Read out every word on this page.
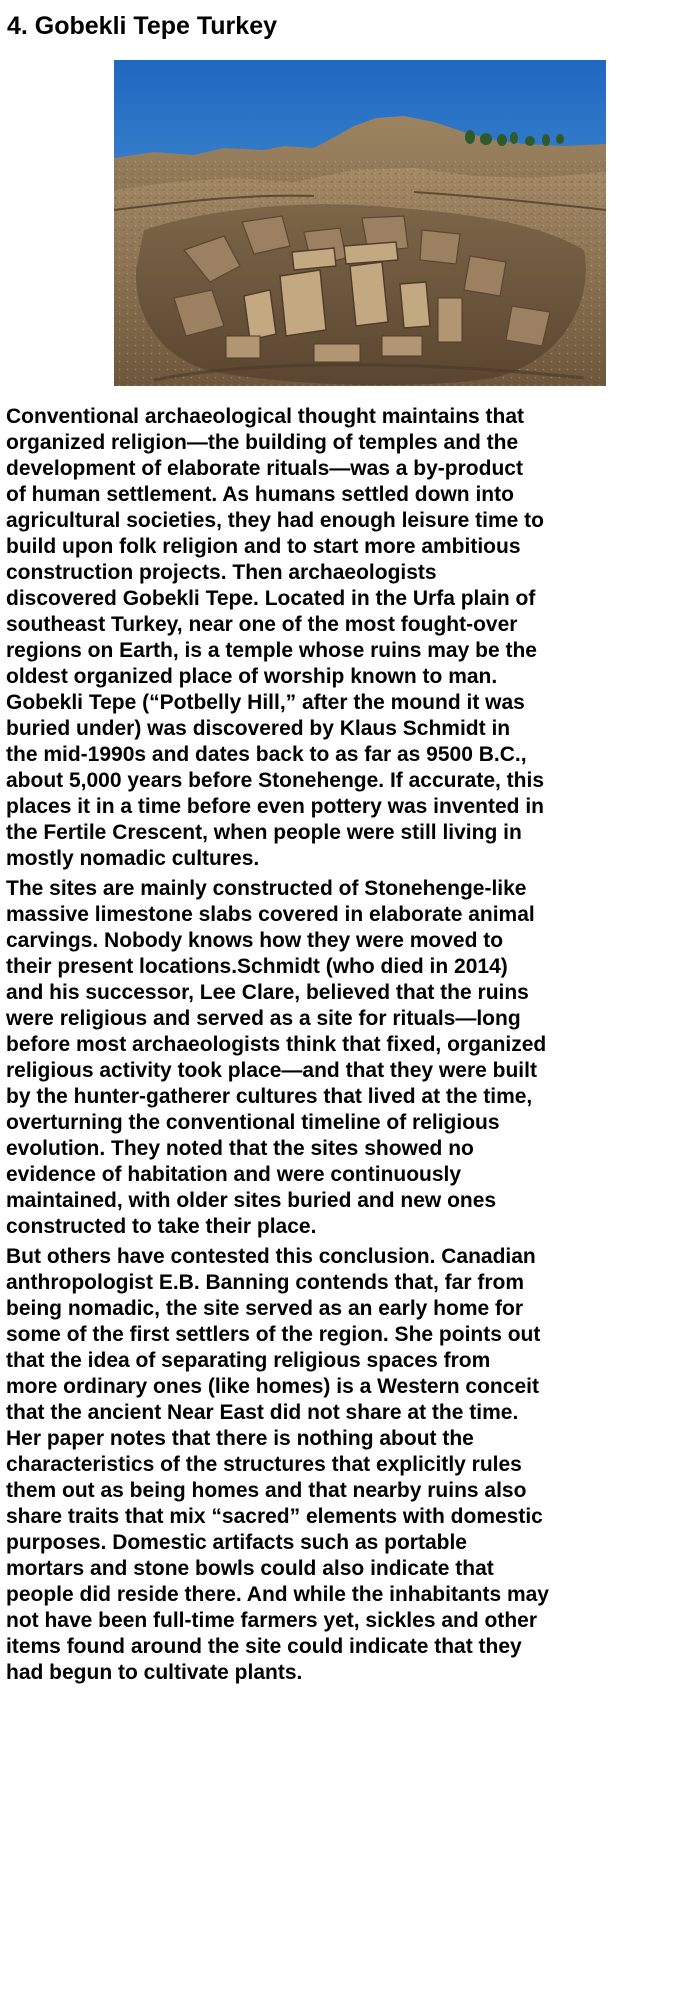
4. Gobekli Tepe Turkey

Conventional archaeological thought maintains that
organized religion—the building of temples and the
development of elaborate rituals—was a by-product
of human settlement. As humans settled down into
agricultural societies, they had enough leisure time to
build upon folk religion and to start more ambitious
construction projects. Then archaeologists
discovered Gobekli Tepe. Located in the Urfa plain of
southeast Turkey, near one of the most fought-over
regions on Earth, is a temple whose ruins may be the
oldest organized place of worship known to man.
Gobekli Tepe (“Potbelly Hill,” after the mound it was
buried under) was discovered by Klaus Schmidt in
the mid-1990s and dates back to as far as 9500 B.C.,
about 5,000 years before Stonehenge. If accurate, this
places it in a time before even pottery was invented in
the Fertile Crescent, when people were still living in
mostly nomadic cultures.

The sites are mainly constructed of Stonehenge-like
massive limestone slabs covered in elaborate animal
carvings. Nobody knows how they were moved to
their present locations.Schmidt (who died in 2014)
and his successor, Lee Clare, believed that the ruins
were religious and served as a site for rituals—long
before most archaeologists think that fixed, organized
religious activity took place—and that they were built
by the hunter-gatherer cultures that lived at the time,
overturning the conventional timeline of religious
evolution. They noted that the sites showed no
evidence of habitation and were continuously
maintained, with older sites buried and new ones
constructed to take their place.

But others have contested this conclusion. Canadian
anthropologist E.B. Banning contends that, far from
being nomadic, the site served as an early home for
some of the first settlers of the region. She points out
that the idea of separating religious spaces from
more ordinary ones (like homes) is a Western conceit
that the ancient Near East did not share at the time.
Her paper notes that there is nothing about the
characteristics of the structures that explicitly rules
them out as being homes and that nearby ruins also
share traits that mix “sacred” elements with domestic
purposes. Domestic artifacts such as portable
mortars and stone bowls could also indicate that
people did reside there. And while the inhabitants may
not have been full-time farmers yet, sickles and other
items found around the site could indicate that they
had begun to cultivate plants.
